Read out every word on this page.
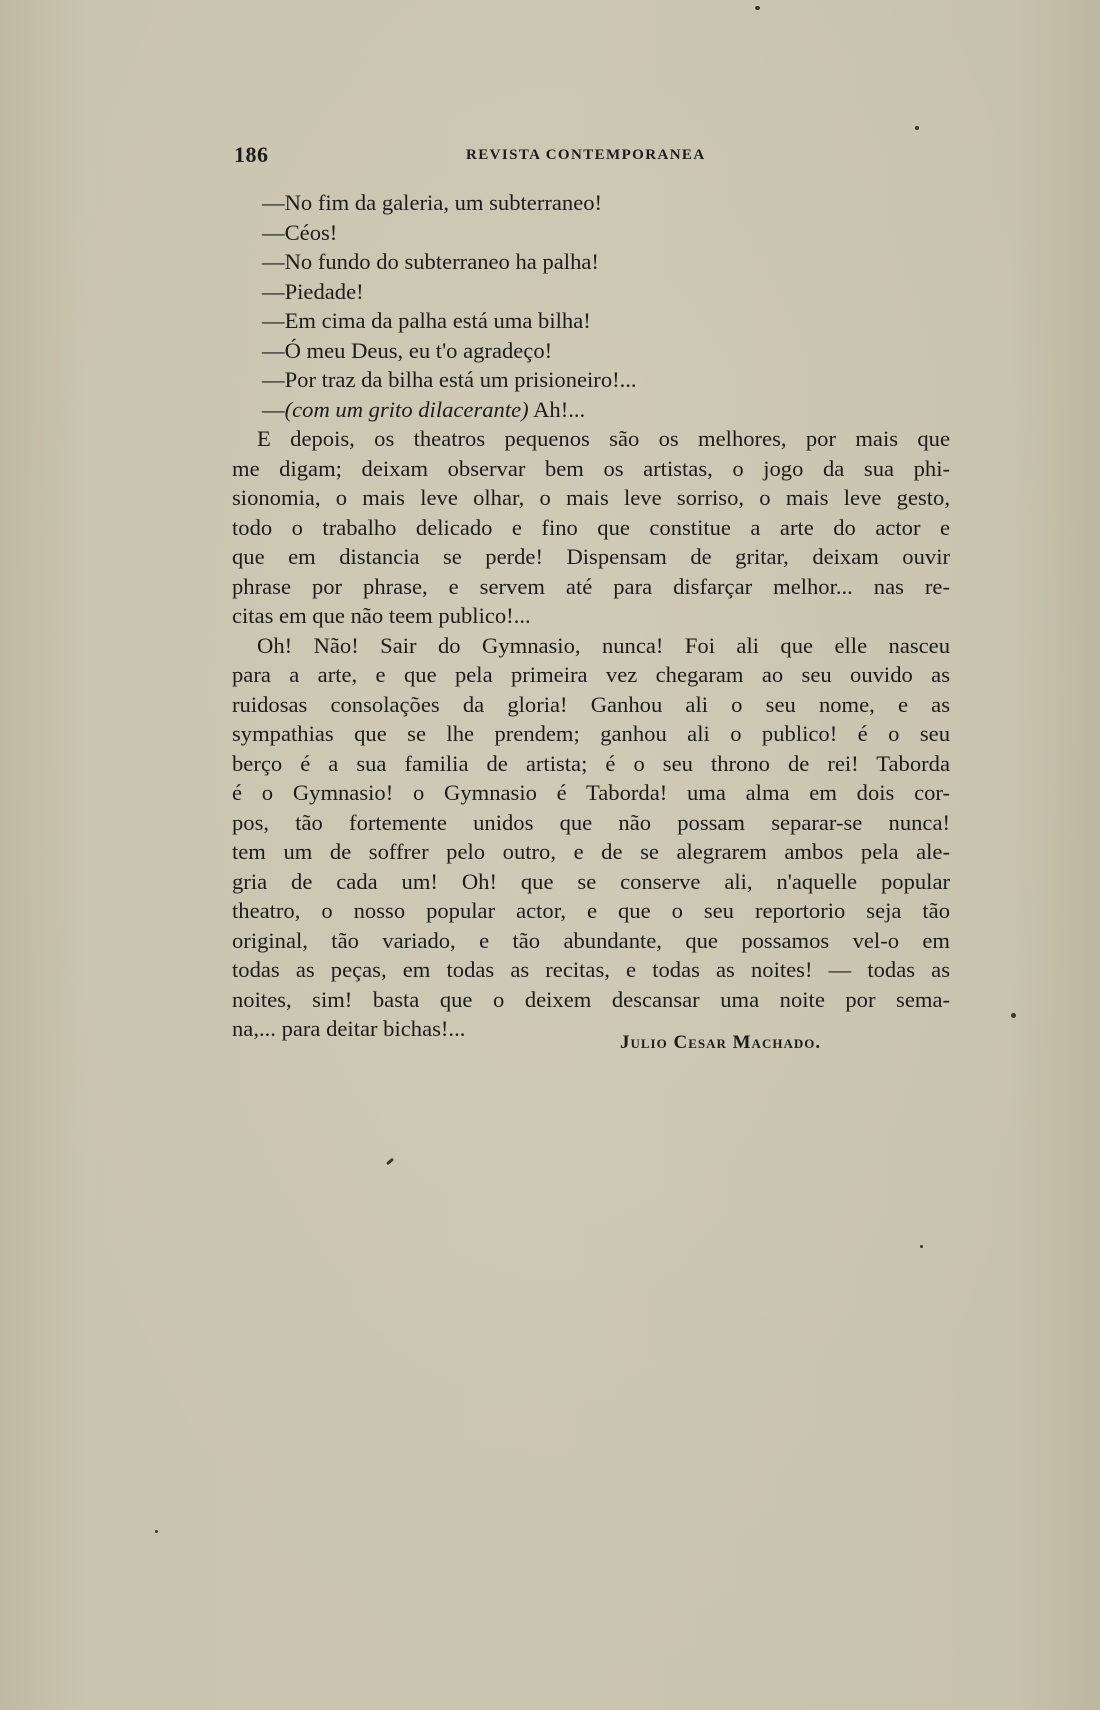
186	REVISTA CONTEMPORANEA
—No fim da galeria, um subterraneo!
—Céos!
—No fundo do subterraneo ha palha!
—Piedade!
—Em cima da palha está uma bilha!
—Ó meu Deus, eu t'o agradeço!
—Por traz da bilha está um prisioneiro!...
—(com um grito dilacerante) Ah!...
E depois, os theatros pequenos são os melhores, por mais que
me digam; deixam observar bem os artistas, o jogo da sua phi-
sionomia, o mais leve olhar, o mais leve sorriso, o mais leve gesto,
todo o trabalho delicado e fino que constitue a arte do actor e
que em distancia se perde! Dispensam de gritar, deixam ouvir
phrase por phrase, e servem até para disfarçar melhor... nas re-
citas em que não teem publico!...
Oh! Não! Sair do Gymnasio, nunca! Foi ali que elle nasceu
para a arte, e que pela primeira vez chegaram ao seu ouvido as
ruidosas consolações da gloria! Ganhou ali o seu nome, e as
sympathias que se lhe prendem; ganhou ali o publico! é o seu
berço é a sua familia de artista; é o seu throno de rei! Taborda
é o Gymnasio! o Gymnasio é Taborda! uma alma em dois cor-
pos, tão fortemente unidos que não possam separar-se nunca!
tem um de soffrer pelo outro, e de se alegrarem ambos pela ale-
gria de cada um! Oh! que se conserve ali, n'aquelle popular
theatro, o nosso popular actor, e que o seu reportorio seja tão
original, tão variado, e tão abundante, que possamos vel-o em
todas as peças, em todas as recitas, e todas as noites! — todas as
noites, sim! basta que o deixem descansar uma noite por sema-
na,... para deitar bichas!...
Julio Cesar Machado.
